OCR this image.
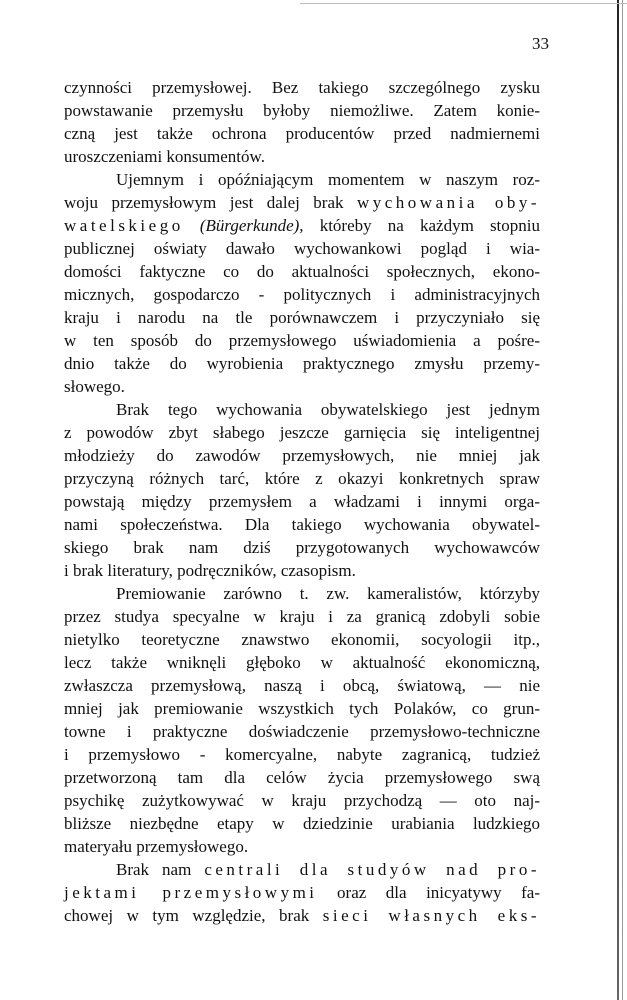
33
czynności przemysłowej. Bez takiego szczególnego zysku
powstawanie przemysłu byłoby niemożliwe. Zatem konie-
czną jest także ochrona producentów przed nadmiernemi
uroszczeniami konsumentów.
Ujemnym i opóźniającym momentem w naszym roz-
woju przemysłowym jest dalej brak wychowania oby-
watelskiego (Bürgerkunde), któreby na każdym stopniu
publicznej oświaty dawało wychowankowi pogląd i wia-
domości faktyczne co do aktualności społecznych, ekono-
micznych, gospodarczo - politycznych i administracyjnych
kraju i narodu na tle porównawczem i przyczyniało się
w ten sposób do przemysłowego uświadomienia a pośre-
dnio także do wyrobienia praktycznego zmysłu przemy-
słowego.
Brak tego wychowania obywatelskiego jest jednym
z powodów zbyt słabego jeszcze garnięcia się inteligentnej
młodzieży do zawodów przemysłowych, nie mniej jak
przyczyną różnych tarć, które z okazyi konkretnych spraw
powstają między przemysłem a władzami i innymi orga-
nami społeczeństwa. Dla takiego wychowania obywatel-
skiego brak nam dziś przygotowanych wychowawców
i brak literatury, podręczników, czasopism.
Premiowanie zarówno t. zw. kameralistów, którzyby
przez studya specyalne w kraju i za granicą zdobyli sobie
nietylko teoretyczne znawstwo ekonomii, socyologii itp.,
lecz także wniknęli głęboko w aktualność ekonomiczną,
zwłaszcza przemysłową, naszą i obcą, światową, — nie
mniej jak premiowanie wszystkich tych Polaków, co grun-
towne i praktyczne doświadczenie przemysłowo-techniczne
i przemysłowo - komercyalne, nabyte zagranicą, tudzież
przetworzoną tam dla celów życia przemysłowego swą
psychikę zużytkowywać w kraju przychodzą — oto naj-
bliższe niezbędne etapy w dziedzinie urabiania ludzkiego
materyału przemysłowego.
Brak nam centrali dla studyów nad pro-
jektami przemysłowymi oraz dla inicyatywy fa-
chowej w tym względzie, brak sieci własnych eks-
